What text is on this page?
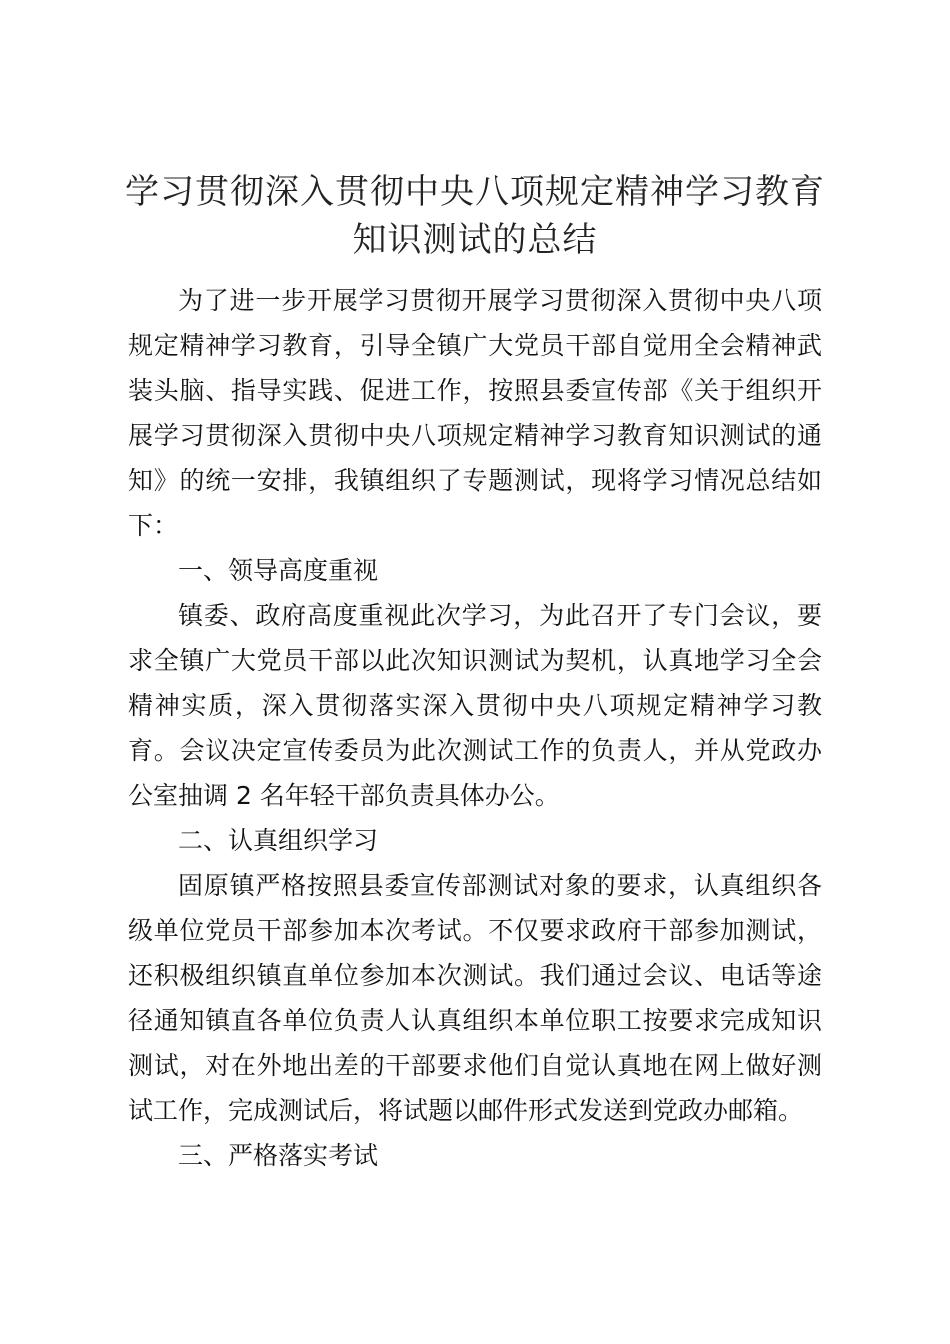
学习贯彻深入贯彻中央八项规定精神学习教育
知识测试的总结

为了进一步开展学习贯彻开展学习贯彻深入贯彻中央八项规定精神学习教育，引导全镇广大党员干部自觉用全会精神武装头脑、指导实践、促进工作，按照县委宣传部《关于组织开展学习贯彻深入贯彻中央八项规定精神学习教育知识测试的通知》的统一安排，我镇组织了专题测试，现将学习情况总结如下：

一、领导高度重视

镇委、政府高度重视此次学习，为此召开了专门会议，要求全镇广大党员干部以此次知识测试为契机，认真地学习全会精神实质，深入贯彻落实深入贯彻中央八项规定精神学习教育。会议决定宣传委员为此次测试工作的负责人，并从党政办公室抽调 2 名年轻干部负责具体办公。

二、认真组织学习

固原镇严格按照县委宣传部测试对象的要求，认真组织各级单位党员干部参加本次考试。不仅要求政府干部参加测试，还积极组织镇直单位参加本次测试。我们通过会议、电话等途径通知镇直各单位负责人认真组织本单位职工按要求完成知识测试，对在外地出差的干部要求他们自觉认真地在网上做好测试工作，完成测试后，将试题以邮件形式发送到党政办邮箱。

三、严格落实考试
